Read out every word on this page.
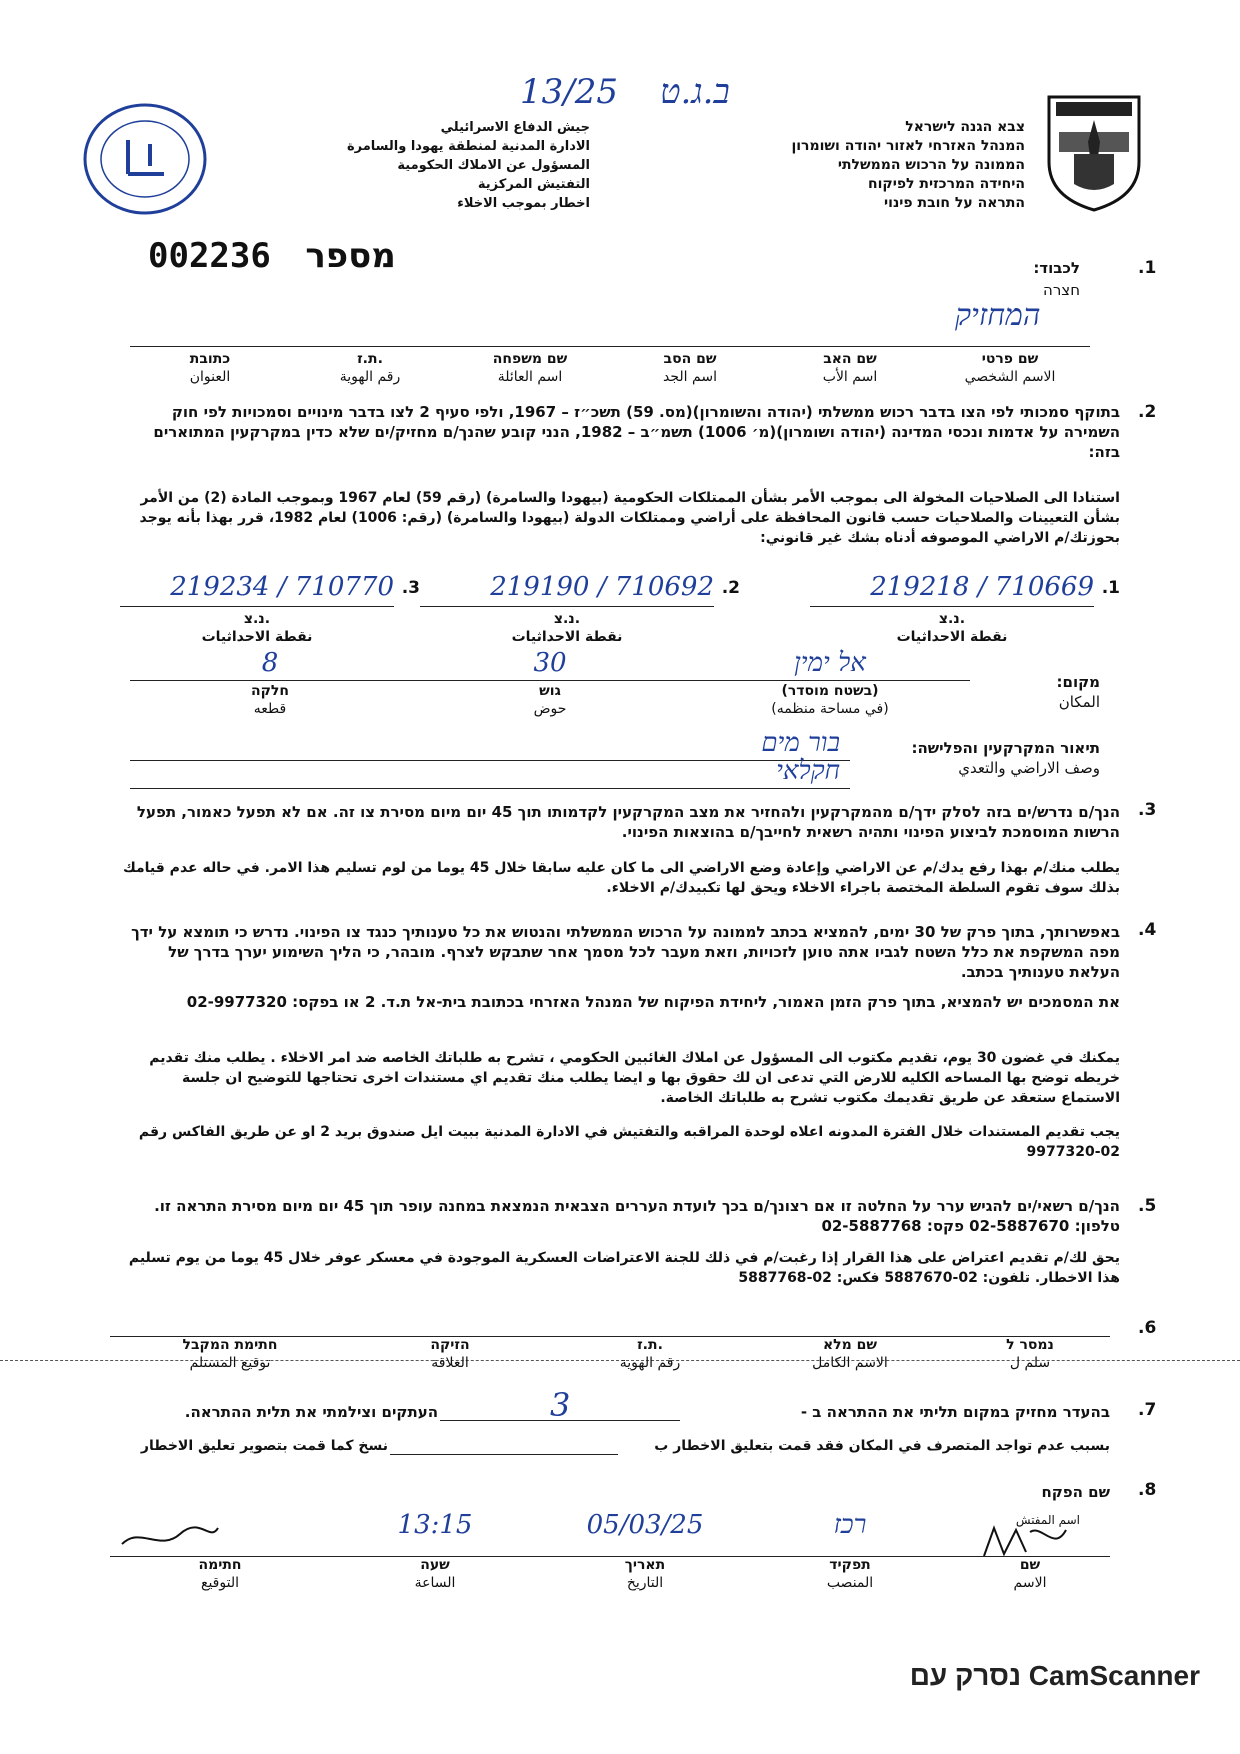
צבא הגנה לישראל
המנהל האזרחי לאזור יהודה ושומרון
הממונה על הרכוש הממשלתי
היחידה המרכזית לפיקוח
התראה על חובת פינוי
جيش الدفاع الاسرائيلي
الادارة المدنية لمنطقة يهودا والسامرة
المسؤول عن الاملاك الحكومية
التفتيش المركزية
اخطار بموجب الاخلاء
13/25 ב.ג.ט
002236 מספר	.1
לכבוד:
חצרה
המחזיק
שם פרטי
الاسم الشخصي
שם האב
اسم الأب
שם הסב
اسم الجد
שם משפחה
اسم العائلة
ת.ז.
رقم الهوية
כתובת
العنوان
.2
בתוקף סמכותי לפי הצו בדבר רכוש ממשלתי (יהודה והשומרון)(מס. 59) תשכ״ז – 1967, ולפי סעיף 2 לצו בדבר מינויים וסמכויות לפי חוק השמירה על אדמות ונכסי המדינה (יהודה ושומרון)(מ׳ 1006) תשמ״ב – 1982, הנני קובע שהנך/ם מחזיק/ים שלא כדין במקרקעין המתוארים בזה:
استنادا الى الصلاحيات المخولة الى بموجب الأمر بشأن الممتلكات الحكومية (بيهودا والسامرة) (رقم 59) لعام 1967 وبموجب المادة (2) من الأمر بشأن التعيينات والصلاحيات حسب قانون المحافظة على أراضي وممتلكات الدولة (بيهودا والسامرة) (رقم: 1006) لعام 1982، قرر بهذا بأنه يوجد بحوزتك/م الاراضي الموصوفه أدناه بشك غير قانوني:
.1
219218 / 710669
נ.צ.
نقطة الاحداثيات
.2
219190 / 710692
נ.צ.
نقطة الاحداثيات
.3
219234 / 710770
נ.צ.
نقطة الاحداثيات
מקום:
المكان
אל ימין
(בשטח מוסדר)
(في مساحة منظمه)
30
גוש
حوض
8
חלקה
قطعه
תיאור המקרקעין והפלישה:
وصف الاراضي والتعدي
בור מים
חקלאי
.3
הנך/ם נדרש/ים בזה לסלק ידך/ם מהמקרקעין ולהחזיר את מצב המקרקעין לקדמותו תוך 45 יום מיום מסירת צו זה. אם לא תפעל כאמור, תפעל הרשות המוסמכת לביצוע הפינוי ותהיה רשאית לחייבך/ם בהוצאות הפינוי.
يطلب منك/م بهذا رفع يدك/م عن الاراضي وإعادة وضع الاراضي الى ما كان عليه سابقا خلال 45 يوما من لوم تسليم هذا الامر. في حاله عدم قيامك بذلك سوف تقوم السلطة المختصة باجراء الاخلاء ويحق لها تكبيدك/م الاخلاء.
.4
באפשרותך, בתוך פרק של 30 ימים, להמציא בכתב לממונה על הרכוש הממשלתי והנטוש את כל טענותיך כנגד צו הפינוי. נדרש כי תומצא על ידך מפה המשקפת את כלל השטח לגביו אתה טוען לזכויות, וזאת מעבר לכל מסמך אחר שתבקש לצרף. מובהר, כי הליך השימוע יערך בדרך של העלאת טענותיך בכתב.
את המסמכים יש להמציא, בתוך פרק הזמן האמור, ליחידת הפיקוח של המנהל האזרחי בכתובת בית-אל ת.ד. 2 או בפקס: 02-9977320
يمكنك في غضون 30 يوم، تقديم مكتوب الى المسؤول عن املاك الغائبين الحكومي ، تشرح به طلباتك الخاصه ضد امر الاخلاء . يطلب منك تقديم خريطه توضح بها المساحه الكليه للارض التي تدعى ان لك حقوق بها و ايضا يطلب منك تقديم اي مستندات اخرى تحتاجها للتوضيح ان جلسة الاستماع ستعقد عن طريق تقديمك مكتوب تشرح به طلباتك الخاصة.
يجب تقديم المستندات خلال الفترة المدونه اعلاه لوحدة المراقبه والتفتيش في الادارة المدنية ببيت ايل صندوق بريد 2 او عن طريق الفاكس رقم 02-9977320
.5
הנך/ם רשאי/ים להגיש ערר על החלטה זו אם רצונך/ם בכך לועדת העררים הצבאית הנמצאת במחנה עופר תוך 45 יום מיום מסירת התראה זו. טלפון: 02-5887670 פקס: 02-5887768
يحق لك/م تقديم اعتراض على هذا القرار إذا رغبت/م في ذلك للجنة الاعتراضات العسكرية الموجودة في معسكر عوفر خلال 45 يوما من يوم تسليم هذا الاخطار. تلفون: 02-5887670 فكس: 02-5887768
.6
נמסר ל
سلم ل
שם מלא
الاسم الكامل
ת.ז.
رقم الهوية
הזיקה
العلاقة
חתימת המקבל
توقيع المستلم
.7
בהעדר מחזיק במקום תליתי את ההתראה ב -
3
העתקים וצילמתי את תלית ההתראה.
بسبب عدم تواجد المتصرف في المكان فقد قمت بتعليق الاخطار ب
نسخ كما قمت بتصوير تعليق الاخطار
.8
שם הפקח
اسم المفتش
שם
الاسم
רכז
תפקיד
المنصب
05/03/25
תאריך
التاريخ
13:15
שעה
الساعة
חתימה
التوقيع
נסרק עם CamScanner
